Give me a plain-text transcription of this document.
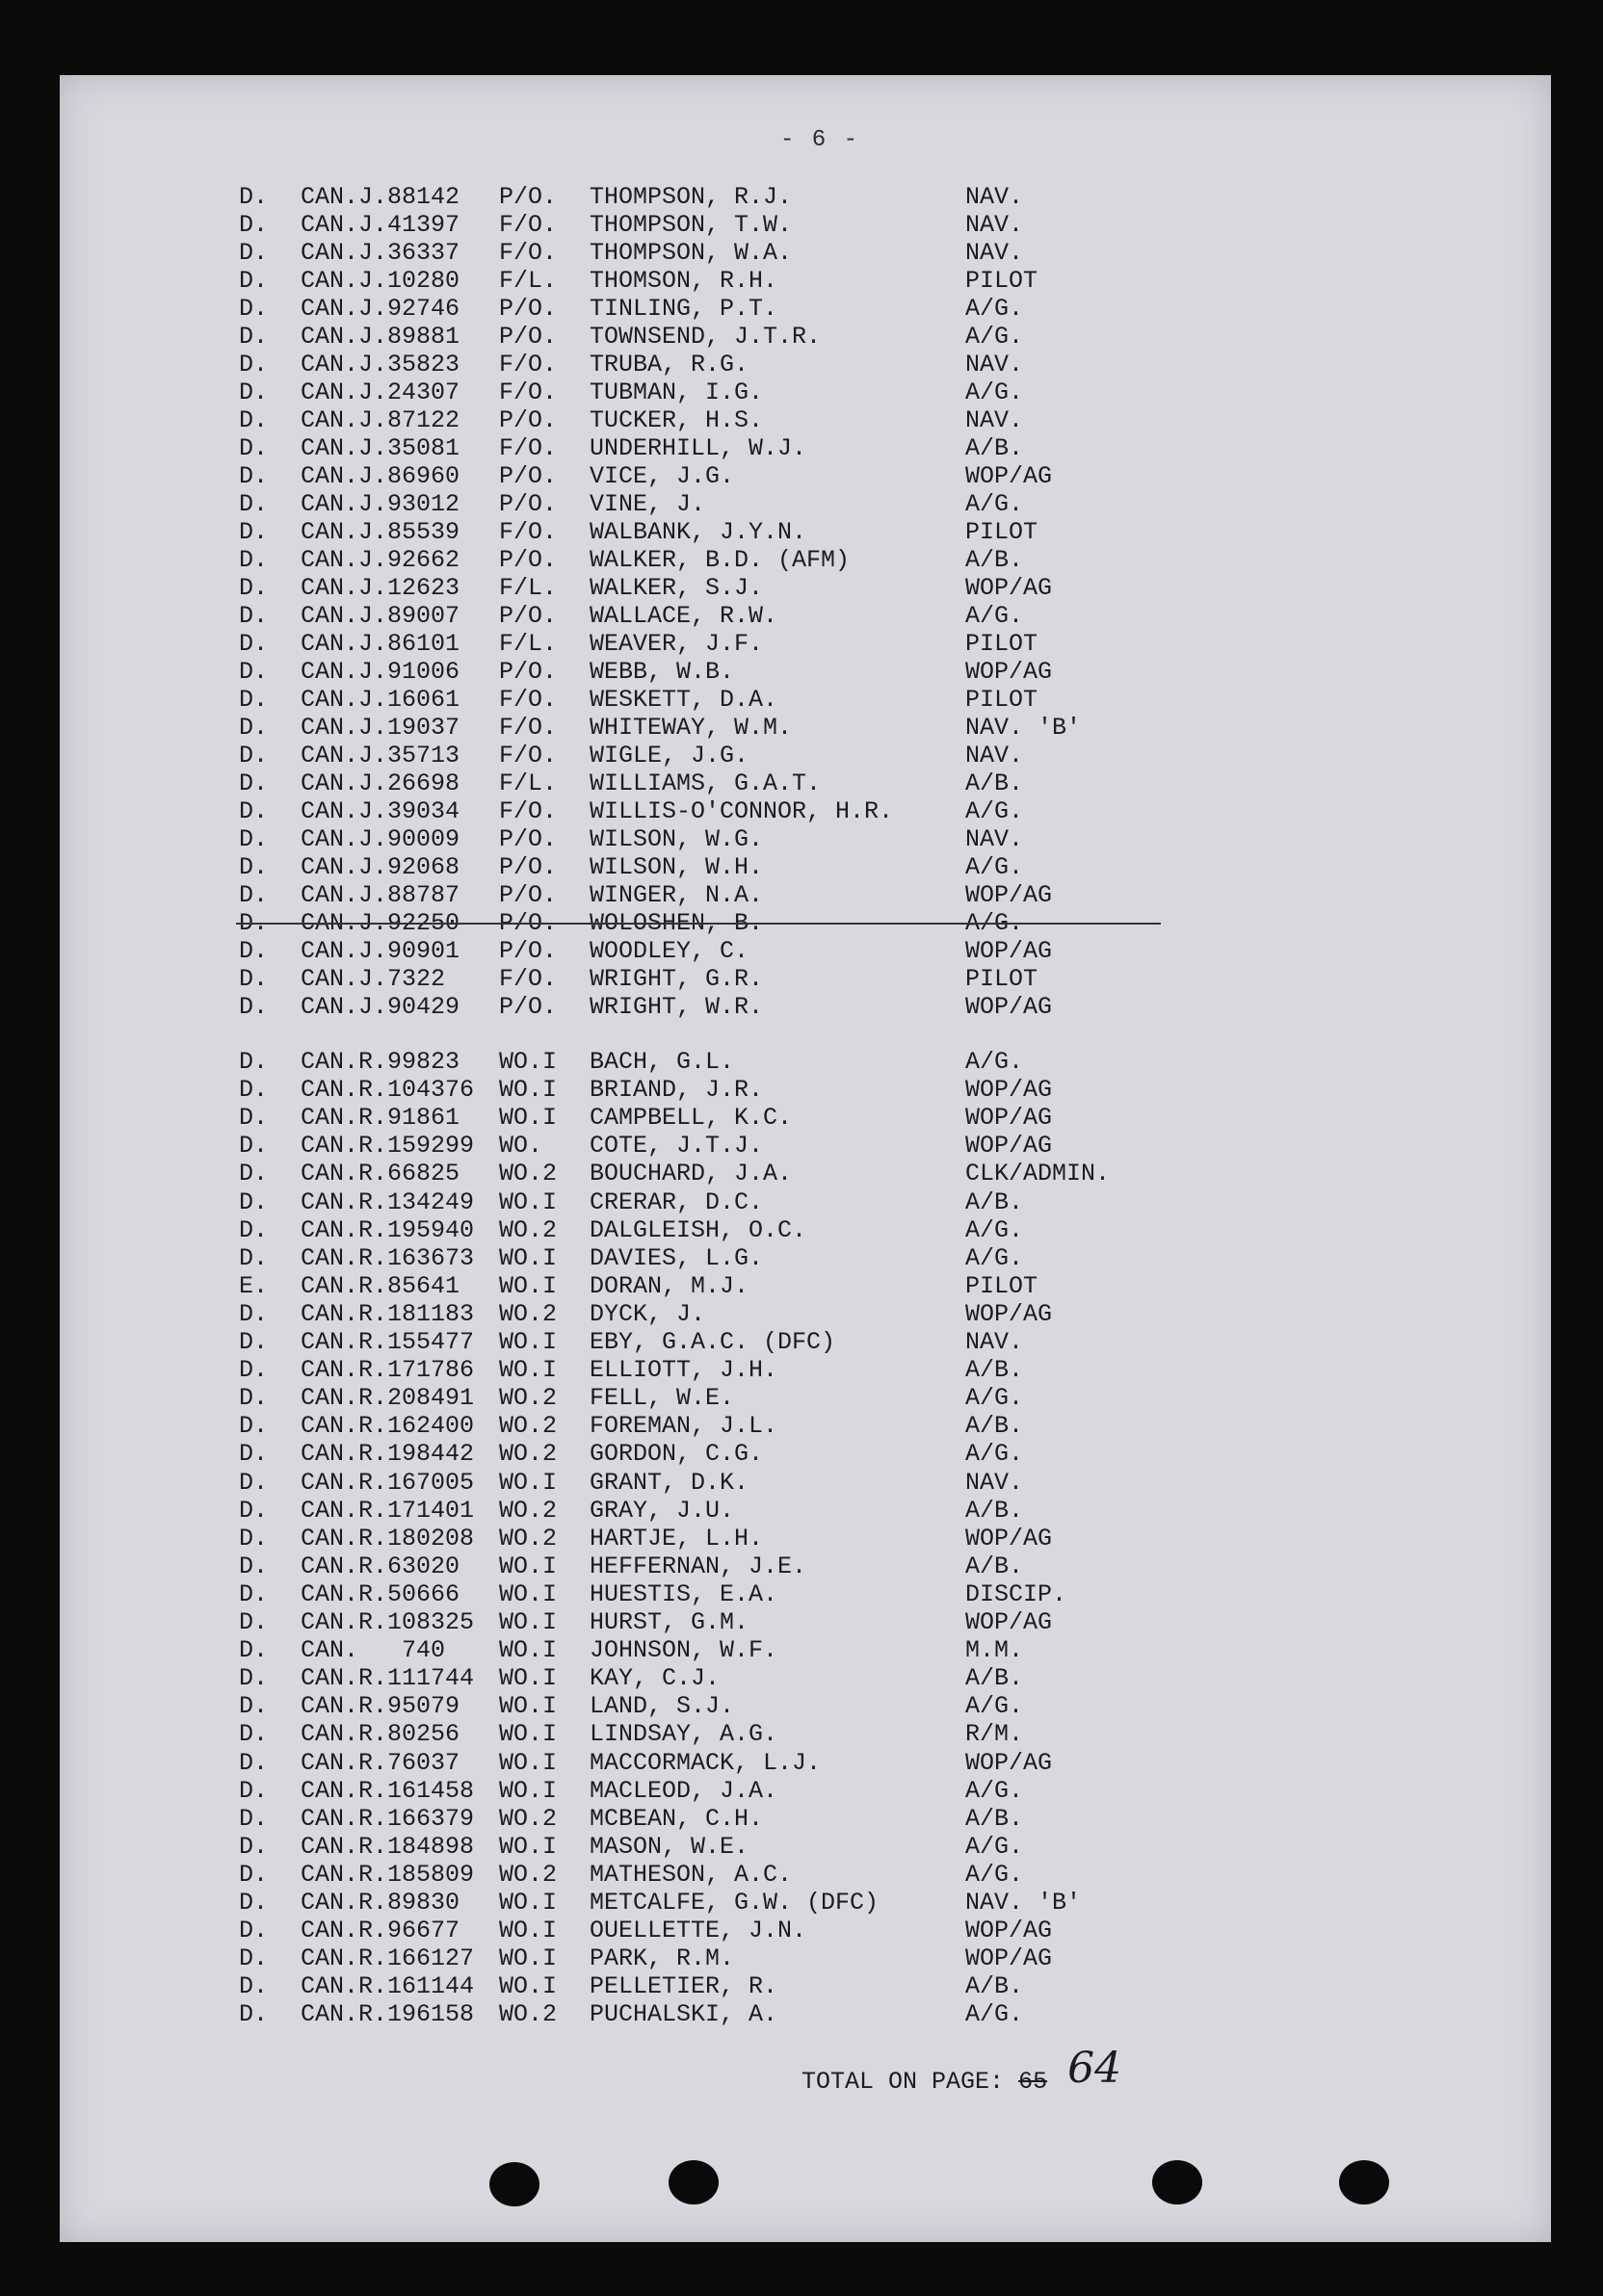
- 6 -
D. CAN.J.88142 P/O. THOMPSON, R.J.	NAV.
D. CAN.J.41397 F/O. THOMPSON, T.W.	NAV.
D. CAN.J.36337 F/O. THOMPSON, W.A.	NAV.
D. CAN.J.10280 F/L. THOMSON, R.H.	PILOT
D. CAN.J.92746 P/O. TINLING, P.T.	A/G.
D. CAN.J.89881 P/O. TOWNSEND, J.T.R.	A/G.
D. CAN.J.35823 F/O. TRUBA, R.G.	NAV.
D. CAN.J.24307 F/O. TUBMAN, I.G.	A/G.
D. CAN.J.87122 P/O. TUCKER, H.S.	NAV.
D. CAN.J.35081 F/O. UNDERHILL, W.J.	A/B.
D. CAN.J.86960 P/O. VICE, J.G.	WOP/AG
D. CAN.J.93012 P/O. VINE, J.	A/G.
D. CAN.J.85539 F/O. WALBANK, J.Y.N.	PILOT
D. CAN.J.92662 P/O. WALKER, B.D. (AFM)	A/B.
D. CAN.J.12623 F/L. WALKER, S.J.	WOP/AG
D. CAN.J.89007 P/O. WALLACE, R.W.	A/G.
D. CAN.J.86101 F/L. WEAVER, J.F.	PILOT
D. CAN.J.91006 P/O. WEBB, W.B.	WOP/AG
D. CAN.J.16061 F/O. WESKETT, D.A.	PILOT
D. CAN.J.19037 F/O. WHITEWAY, W.M.	NAV. 'B'
D. CAN.J.35713 F/O. WIGLE, J.G.	NAV.
D. CAN.J.26698 F/L. WILLIAMS, G.A.T.	A/B.
D. CAN.J.39034 F/O. WILLIS-O'CONNOR, H.R.	A/G.
D. CAN.J.90009 P/O. WILSON, W.G.	NAV.
D. CAN.J.92068 P/O. WILSON, W.H.	A/G.
D. CAN.J.88787 P/O. WINGER, N.A.	WOP/AG
D. CAN.J.92250 P/O. WOLOSHEN, B.	A/G.
D. CAN.J.90901 P/O. WOODLEY, C.	WOP/AG
D. CAN.J.7322 F/O. WRIGHT, G.R.	PILOT
D. CAN.J.90429 P/O. WRIGHT, W.R.	WOP/AG
D. CAN.R.99823 WO.I BACH, G.L.	A/G.
D. CAN.R.104376 WO.I BRIAND, J.R.	WOP/AG
D. CAN.R.91861 WO.I CAMPBELL, K.C.	WOP/AG
D. CAN.R.159299 WO. COTE, J.T.J.	WOP/AG
D. CAN.R.66825 WO.2 BOUCHARD, J.A.	CLK/ADMIN.
D. CAN.R.134249 WO.I CRERAR, D.C.	A/B.
D. CAN.R.195940 WO.2 DALGLEISH, O.C.	A/G.
D. CAN.R.163673 WO.I DAVIES, L.G.	A/G.
E. CAN.R.85641 WO.I DORAN, M.J.	PILOT
D. CAN.R.181183 WO.2 DYCK, J.	WOP/AG
D. CAN.R.155477 WO.I EBY, G.A.C. (DFC)	NAV.
D. CAN.R.171786 WO.I ELLIOTT, J.H.	A/B.
D. CAN.R.208491 WO.2 FELL, W.E.	A/G.
D. CAN.R.162400 WO.2 FOREMAN, J.L.	A/B.
D. CAN.R.198442 WO.2 GORDON, C.G.	A/G.
D. CAN.R.167005 WO.I GRANT, D.K.	NAV.
D. CAN.R.171401 WO.2 GRAY, J.U.	A/B.
D. CAN.R.180208 WO.2 HARTJE, L.H.	WOP/AG
D. CAN.R.63020 WO.I HEFFERNAN, J.E.	A/B.
D. CAN.R.50666 WO.I HUESTIS, E.A.	DISCIP.
D. CAN.R.108325 WO.I HURST, G.M.	WOP/AG
D. CAN.   740 WO.I JOHNSON, W.F.	M.M.
D. CAN.R.111744 WO.I KAY, C.J.	A/B.
D. CAN.R.95079 WO.I LAND, S.J.	A/G.
D. CAN.R.80256 WO.I LINDSAY, A.G.	R/M.
D. CAN.R.76037 WO.I MACCORMACK, L.J.	WOP/AG
D. CAN.R.161458 WO.I MACLEOD, J.A.	A/G.
D. CAN.R.166379 WO.2 MCBEAN, C.H.	A/B.
D. CAN.R.184898 WO.I MASON, W.E.	A/G.
D. CAN.R.185809 WO.2 MATHESON, A.C.	A/G.
D. CAN.R.89830 WO.I METCALFE, G.W. (DFC)	NAV. 'B'
D. CAN.R.96677 WO.I OUELLETTE, J.N.	WOP/AG
D. CAN.R.166127 WO.I PARK, R.M.	WOP/AG
D. CAN.R.161144 WO.I PELLETIER, R.	A/B.
D. CAN.R.196158 WO.2 PUCHALSKI, A.	A/G.
TOTAL ON PAGE: 65 64
